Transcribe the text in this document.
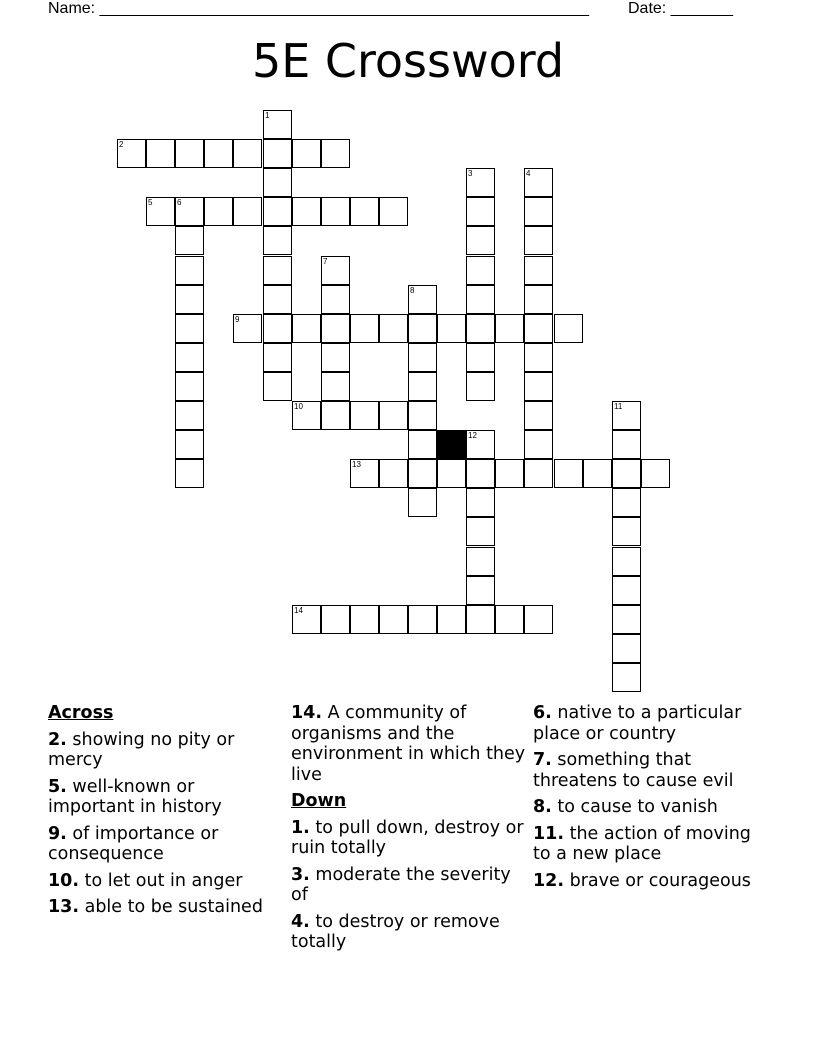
Name: _______________________________________________________ Date: _______
5E Crossword
1
2
3	4
5	6
7
8
9
10	11
12
13
14
Across
2. showing no pity or mercy
5. well-known or important in history
9. of importance or consequence
10. to let out in anger
13. able to be sustained
14. A community of organisms and the environment in which they live
Down
1. to pull down, destroy or ruin totally
3. moderate the severity of
4. to destroy or remove totally
6. native to a particular place or country
7. something that threatens to cause evil
8. to cause to vanish
11. the action of moving to a new place
12. brave or courageous
